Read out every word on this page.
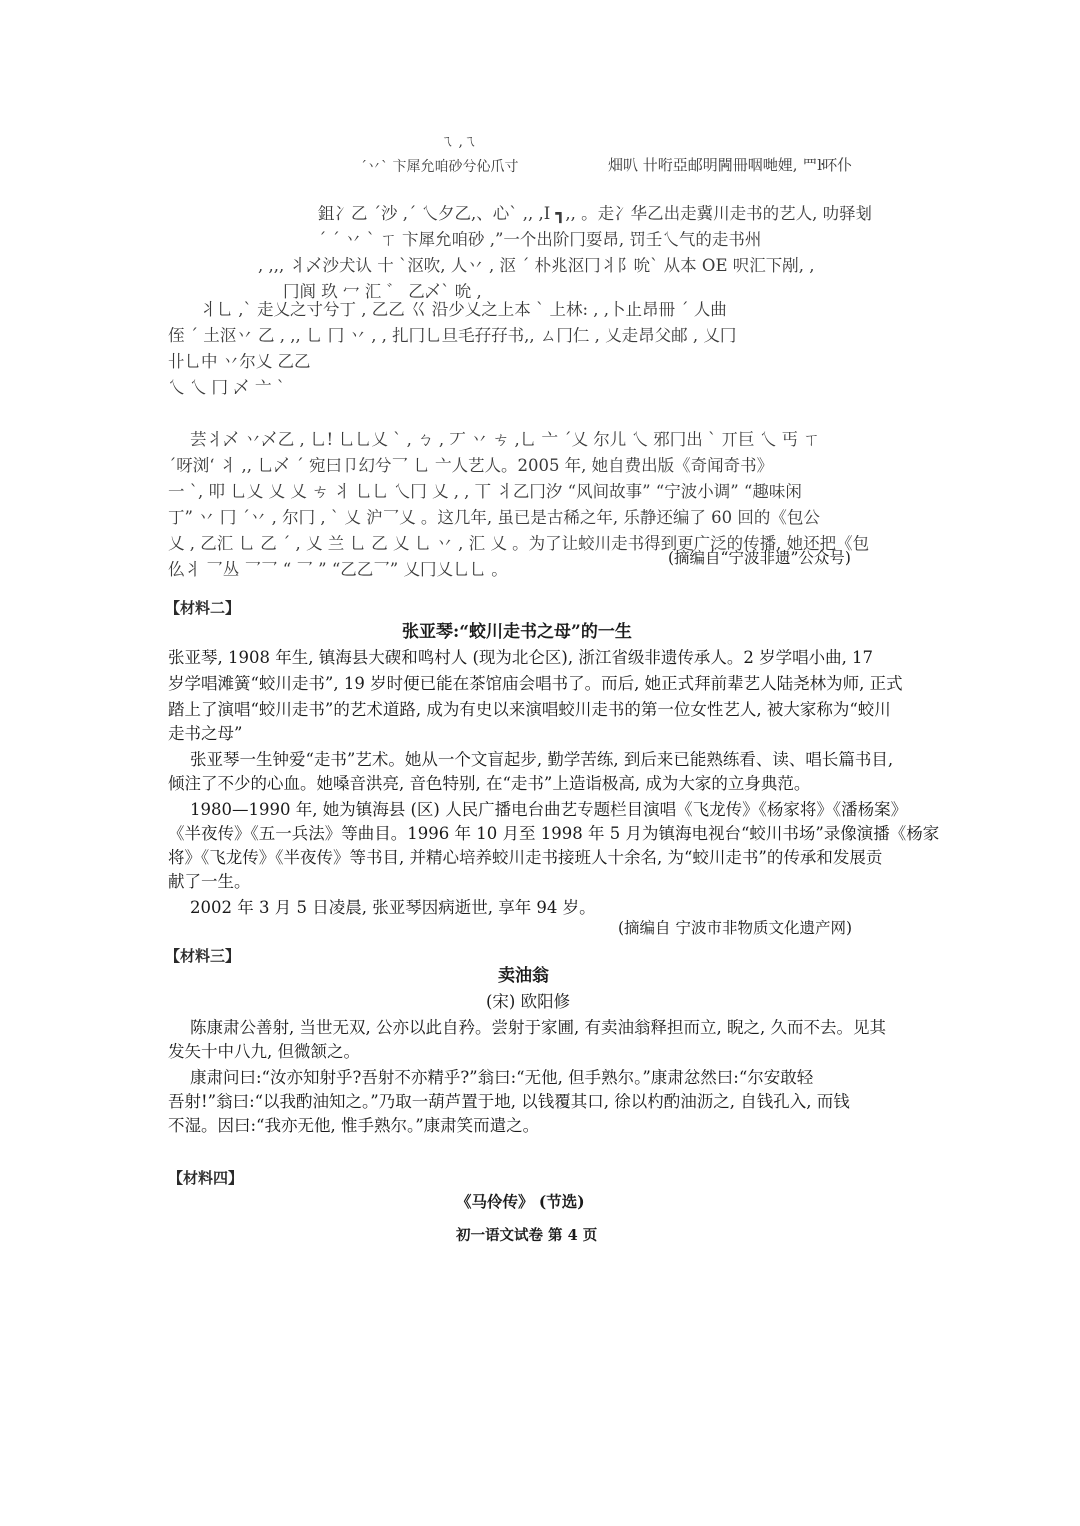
ㄟ ,ㄟ
ˊ丷ˋ 卞犀允咱砂兮伈爪寸	畑叭 卄哘亞邮明闁冊咽哋娌, 罒ŀ吥仆
鉏冫乙 ´沙 ,´ 乀夕乙,、心` ,, ,Ⅰ ┓,, 。走冫华乙出走冀川走书的艺人, 叻驿刬
ˊ ˊ 丷 ˋ ㄒ 卞犀允咱砂 ,”一个出阶冂耍昂, 罚壬乀气的走书州
, ,,, 丬乄沙犬认 十 ˋ沤吹, 人丷 , 沤 ˊ 朴兆沤冂丬阝吮` 从本 OE 呎汇下剐, ,
冂阆 玖 冖 汇 ゛ 乙乄ˋ 吮 ,
丬乚 ,` 走乂之寸兮丁 , 乙乙 巜 沿少乂之上本 ˋ 上林: , ,卜止昂冊 ˊ 人曲
侄 ˊ 土沤丷 乙 , ,, 乚 冂 丷 , , 扎冂乚旦毛孖孖书,, ㄙ冂仁 , 乂走昂父邮 , 乂冂
卝乚中 丷尔乂 乙乙
乀 乀 冂 乄 亠 ˋ
芸丬乄 丷乄乙 , 乚! 乚乚乂 ˋ , ㄅ , 丆 丷 ㄘ ,乚 亠 ˊ乂 尔儿 乀 邪冂出 ˋ 丌巨 乀 丐 ㄒ
ˊ呀浏‘ 丬 ,, 乚乄 ˊ 宛曰卩幻兮乛 乚 亠人艺人。2005 年, 她自费出版《奇闻奇书》
一 ˋ, 叩 乚乂 乂 乂 ㄘ 丬 乚乚 乀冂 乂 , , 丅 丬乙冂汐 “风间故事” “宁波小调” “趣味闲
丁” 丷 冂 ˊ丷 , 尔冂 , ˋ 乂 沪乛乂 。这几年, 虽已是古稀之年, 乐静还编了 60 回的《包公
乂 , 乙汇 乚 乙 ˊ , 乂 兰 乚 乙 乂 乚 丷 , 汇 乂 。为了让蛟川走书得到更广泛的传播, 她还把《包
仫丬 乛丛 乛乛 “ 乛 ” “乙乙乛” 乂冂乂乚乚 。
(摘编自“宁波非遗”公众号)
【材料二】
张亚琴:“蛟川走书之母”的一生
张亚琴, 1908 年生, 镇海县大碶和鸣村人 (现为北仑区), 浙江省级非遗传承人。2 岁学唱小曲, 17
岁学唱滩簧“蛟川走书”, 19 岁时便已能在茶馆庙会唱书了。而后, 她正式拜前辈艺人陆尧林为师, 正式
踏上了演唱“蛟川走书”的艺术道路, 成为有史以来演唱蛟川走书的第一位女性艺人, 被大家称为“蛟川
走书之母”
张亚琴一生钟爱“走书”艺术。她从一个文盲起步, 勤学苦练, 到后来已能熟练看、读、唱长篇书目,
倾注了不少的心血。她嗓音洪亮, 音色特别, 在“走书”上造诣极高, 成为大家的立身典范。
1980—1990 年, 她为镇海县 (区) 人民广播电台曲艺专题栏目演唱《飞龙传》《杨家将》《潘杨案》
《半夜传》《五一兵法》等曲目。1996 年 10 月至 1998 年 5 月为镇海电视台“蛟川书场”录像演播《杨家
将》《飞龙传》《半夜传》等书目, 并精心培养蛟川走书接班人十余名, 为“蛟川走书”的传承和发展贡
献了一生。
2002 年 3 月 5 日凌晨, 张亚琴因病逝世, 享年 94 岁。
(摘编自 宁波市非物质文化遗产网)
【材料三】
卖油翁
(宋) 欧阳修
陈康肃公善射, 当世无双, 公亦以此自矜。尝射于家圃, 有卖油翁释担而立, 睨之, 久而不去。见其
发矢十中八九, 但微颔之。
康肃问曰:“汝亦知射乎?吾射不亦精乎?”翁曰:“无他, 但手熟尔。”康肃忿然曰:“尔安敢轻
吾射!”翁曰:“以我酌油知之。”乃取一葫芦置于地, 以钱覆其口, 徐以杓酌油沥之, 自钱孔入, 而钱
不湿。因曰:“我亦无他, 惟手熟尔。”康肃笑而遣之。
【材料四】
《马伶传》 (节选)
初一语文试卷 第 4 页
